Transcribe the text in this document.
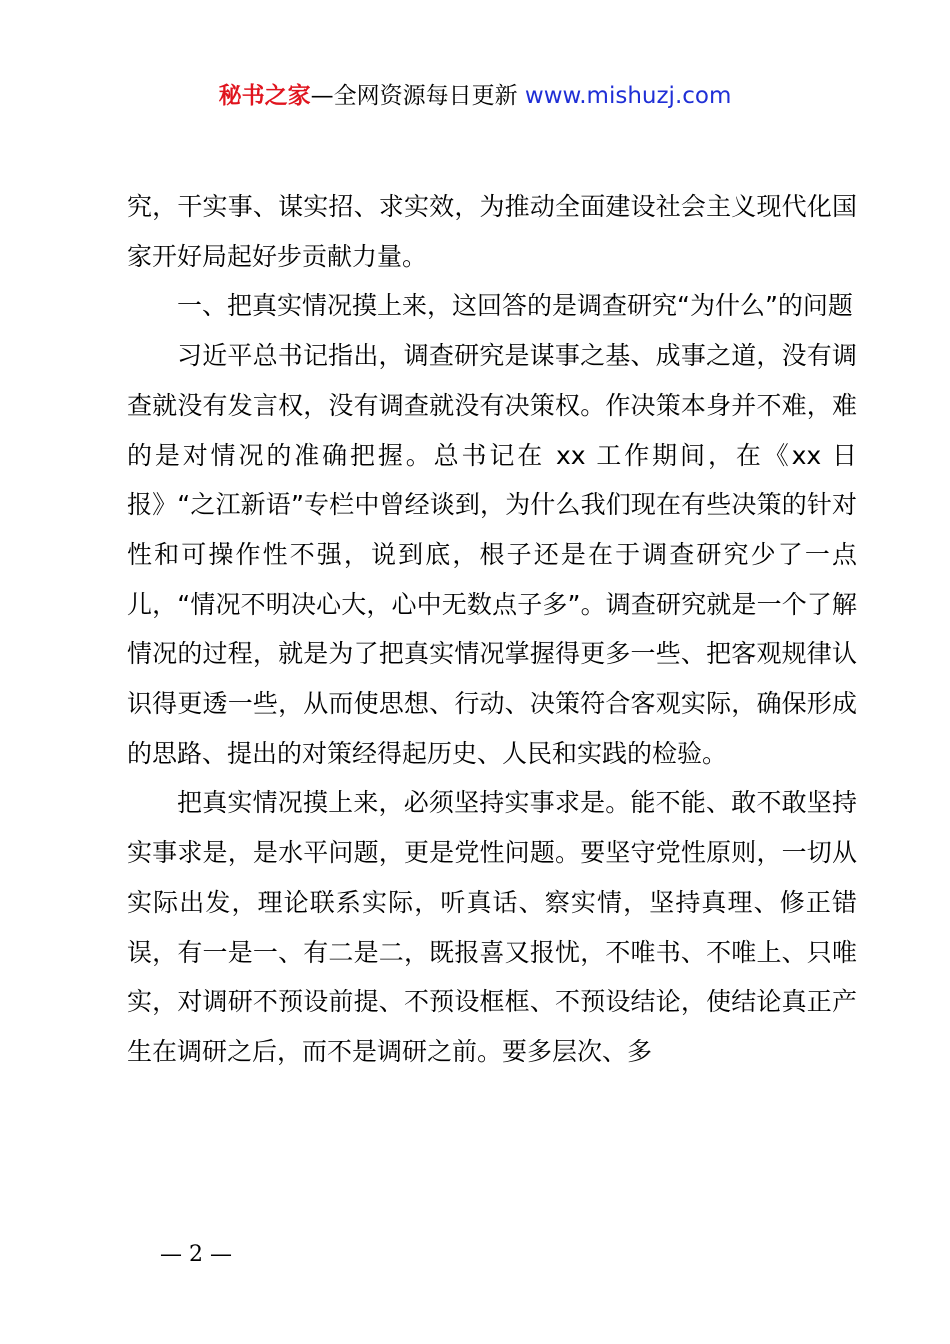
秘书之家—全网资源每日更新 www.mishuzj.com

究，干实事、谋实招、求实效，为推动全面建设社会主义现代化国家开好局起好步贡献力量。

一、把真实情况摸上来，这回答的是调查研究“为什么”的问题

习近平总书记指出，调查研究是谋事之基、成事之道，没有调查就没有发言权，没有调查就没有决策权。作决策本身并不难，难的是对情况的准确把握。总书记在 xx 工作期间，在《xx 日报》“之江新语”专栏中曾经谈到，为什么我们现在有些决策的针对性和可操作性不强，说到底，根子还是在于调查研究少了一点儿，“情况不明决心大，心中无数点子多”。调查研究就是一个了解情况的过程，就是为了把真实情况掌握得更多一些、把客观规律认识得更透一些，从而使思想、行动、决策符合客观实际，确保形成的思路、提出的对策经得起历史、人民和实践的检验。

把真实情况摸上来，必须坚持实事求是。能不能、敢不敢坚持实事求是，是水平问题，更是党性问题。要坚守党性原则，一切从实际出发，理论联系实际，听真话、察实情，坚持真理、修正错误，有一是一、有二是二，既报喜又报忧，不唯书、不唯上、只唯实，对调研不预设前提、不预设框框、不预设结论，使结论真正产生在调研之后，而不是调研之前。要多层次、多

— 2 —
